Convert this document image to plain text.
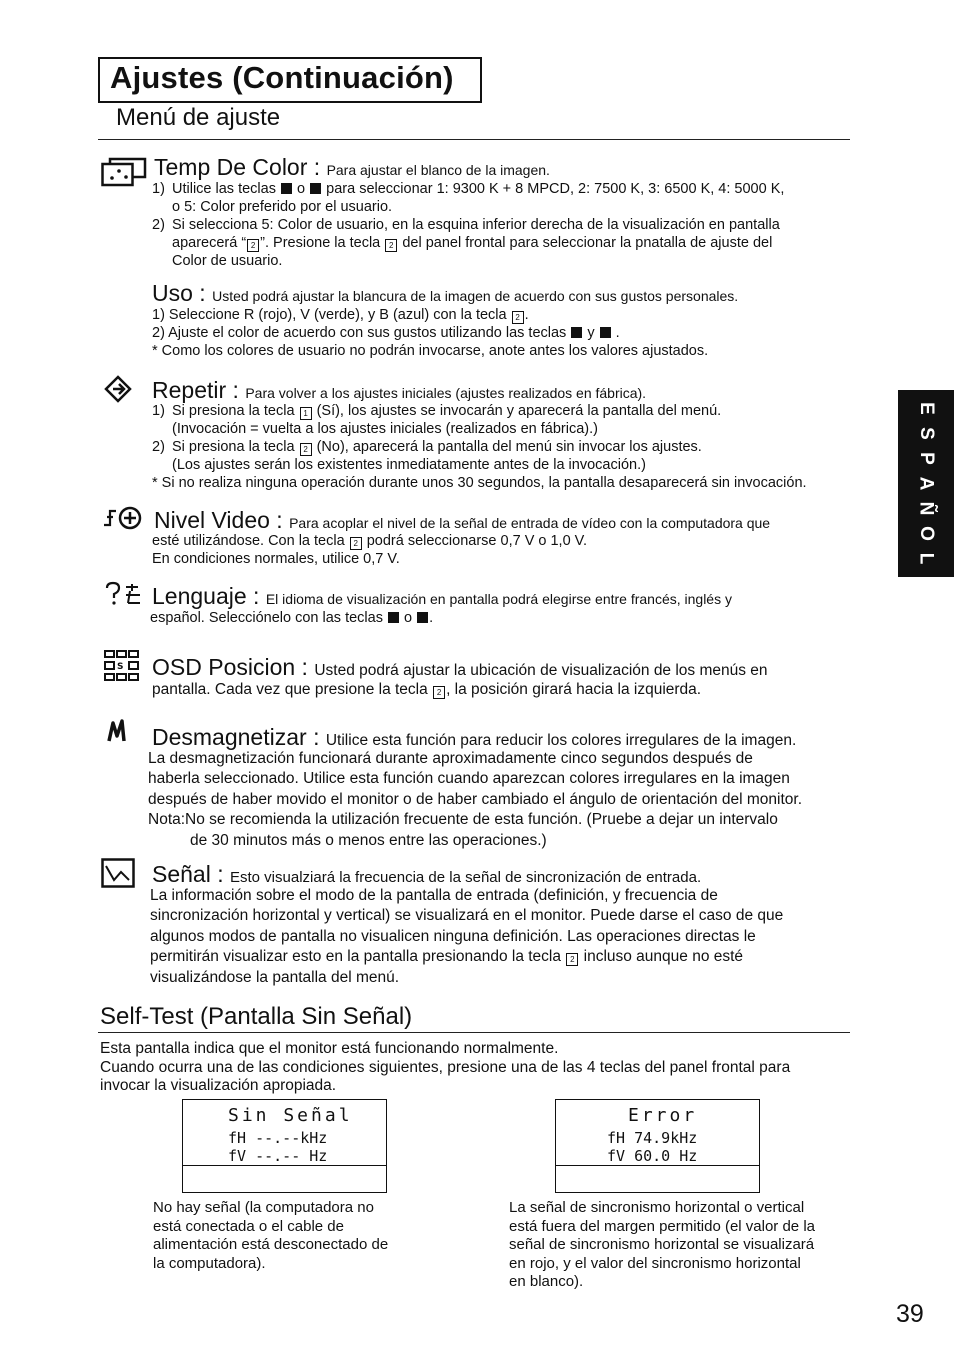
Ajustes (Continuación)
Menú de ajuste
E
S
P
A
Ñ
O
L
Temp De Color : Para ajustar el blanco de la imagen.
1) Utilice las teclas o para seleccionar 1: 9300 K + 8 MPCD, 2: 7500 K, 3: 6500 K, 4: 5000 K,
o 5: Color preferido por el usuario.
2) Si selecciona 5: Color de usuario, en la esquina inferior derecha de la visualización en pantalla
aparecerá “ 2 ”. Presione la tecla 2 del panel frontal para seleccionar la pnatalla de ajuste del
Color de usuario.
Uso : Usted podrá ajustar la blancura de la imagen de acuerdo con sus gustos personales.
1) Seleccione R (rojo), V (verde), y B (azul) con la tecla 2 .
2) Ajuste el color de acuerdo con sus gustos utilizando las teclas y .
* Como los colores de usuario no podrán invocarse, anote antes los valores ajustados.
Repetir : Para volver a los ajustes iniciales (ajustes realizados en fábrica).
1) Si presiona la tecla 1 (Sí), los ajustes se invocarán y aparecerá la pantalla del menú.
(Invocación = vuelta a los ajustes iniciales (realizados en fábrica).)
2) Si presiona la tecla 2 (No), aparecerá la pantalla del menú sin invocar los ajustes.
(Los ajustes serán los existentes inmediatamente antes de la invocación.)
* Si no realiza ninguna operación durante unos 30 segundos, la pantalla desaparecerá sin invocación.
Nivel Video : Para acoplar el nivel de la señal de entrada de vídeo con la computadora que
esté utilizándose. Con la tecla 2 podrá seleccionarse 0,7 V o 1,0 V.
En condiciones normales, utilice 0,7 V.
Lenguaje : El idioma de visualización en pantalla podrá elegirse entre francés, inglés y
español. Selecciónelo con las teclas o .
S OSD Posicion : Usted podrá ajustar la ubicación de visualización de los menús en
pantalla. Cada vez que presione la tecla 2 , la posición girará hacia la izquierda.
Desmagnetizar : Utilice esta función para reducir los colores irregulares de la imagen.
La desmagnetización funcionará durante aproximadamente cinco segundos después de
haberla seleccionado. Utilice esta función cuando aparezcan colores irregulares en la imagen
después de haber movido el monitor o de haber cambiado el ángulo de orientación del monitor.
Nota:No se recomienda la utilización frecuente de esta función. (Pruebe a dejar un intervalo
de 30 minutos más o menos entre las operaciones.)
Señal : Esto visualziará la frecuencia de la señal de sincronización de entrada.
La información sobre el modo de la pantalla de entrada (definición, y frecuencia de
sincronización horizontal y vertical) se visualizará en el monitor. Puede darse el caso de que
algunos modos de pantalla no visualicen ninguna definición. Las operaciones directas le
permitirán visualizar esto en la pantalla presionando la tecla 2 incluso aunque no esté
visualizándose la pantalla del menú.
Self-Test (Pantalla Sin Señal)
Esta pantalla indica que el monitor está funcionando normalmente.
Cuando ocurra una de las condiciones siguientes, presione una de las 4 teclas del panel frontal para
invocar la visualización apropiada.
Sin Señal
fH --.--kHz
fV --.-- Hz
No hay señal (la computadora no
está conectada o el cable de
alimentación está desconectado de
la computadora).
Error
fH 74.9kHz
fV 60.0 Hz
La señal de sincronismo horizontal o vertical
está fuera del margen permitido (el valor de la
señal de sincronismo horizontal se visualizará
en rojo, y el valor del sincronismo horizontal
en blanco).
39
